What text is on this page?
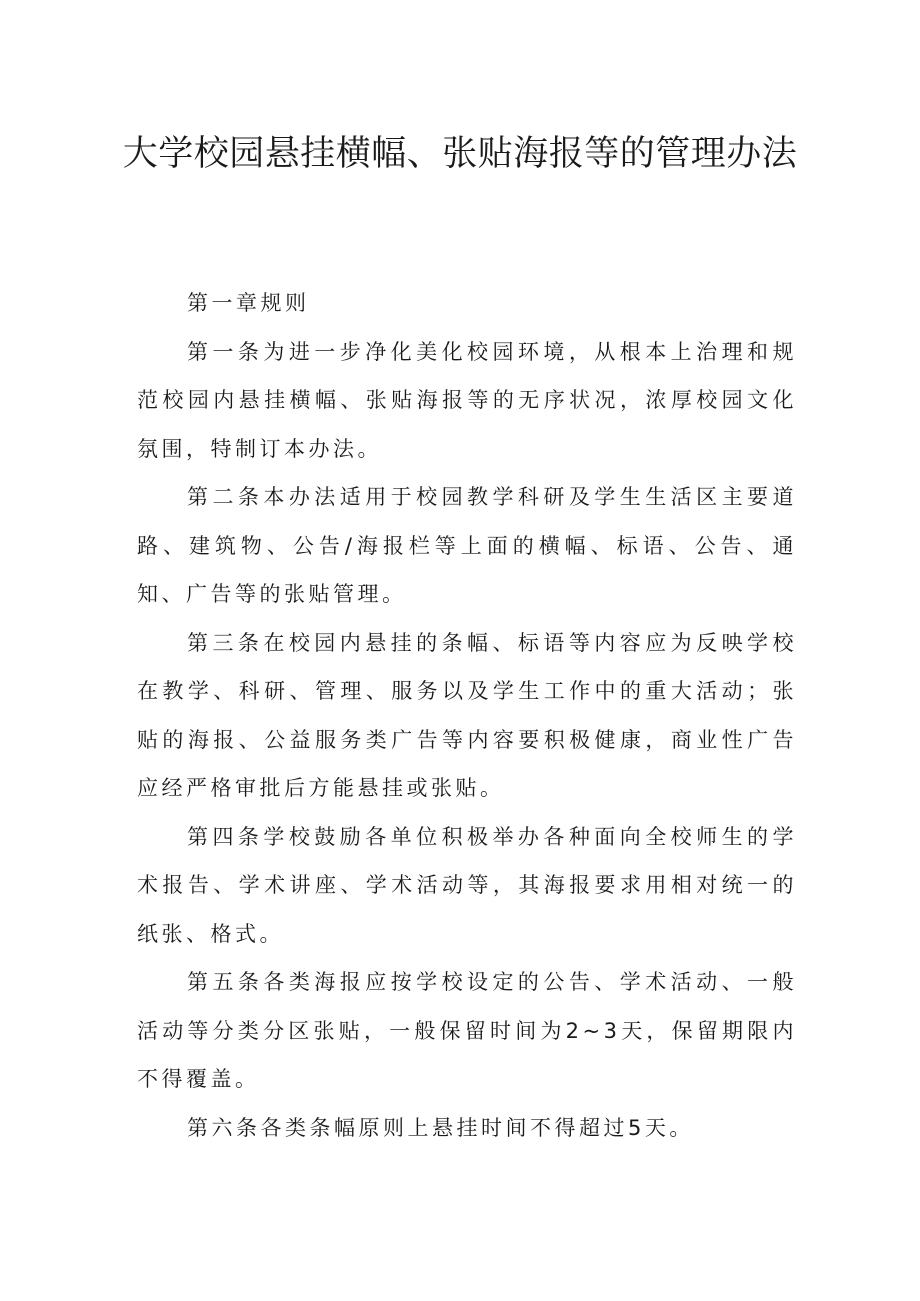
大学校园悬挂横幅、张贴海报等的管理办法

第一章规则

第一条为进一步净化美化校园环境，从根本上治理和规范校园内悬挂横幅、张贴海报等的无序状况，浓厚校园文化氛围，特制订本办法。

第二条本办法适用于校园教学科研及学生生活区主要道路、建筑物、公告/海报栏等上面的横幅、标语、公告、通知、广告等的张贴管理。

第三条在校园内悬挂的条幅、标语等内容应为反映学校在教学、科研、管理、服务以及学生工作中的重大活动；张贴的海报、公益服务类广告等内容要积极健康，商业性广告应经严格审批后方能悬挂或张贴。

第四条学校鼓励各单位积极举办各种面向全校师生的学术报告、学术讲座、学术活动等，其海报要求用相对统一的纸张、格式。

第五条各类海报应按学校设定的公告、学术活动、一般活动等分类分区张贴，一般保留时间为2~3天，保留期限内不得覆盖。

第六条各类条幅原则上悬挂时间不得超过5天。
